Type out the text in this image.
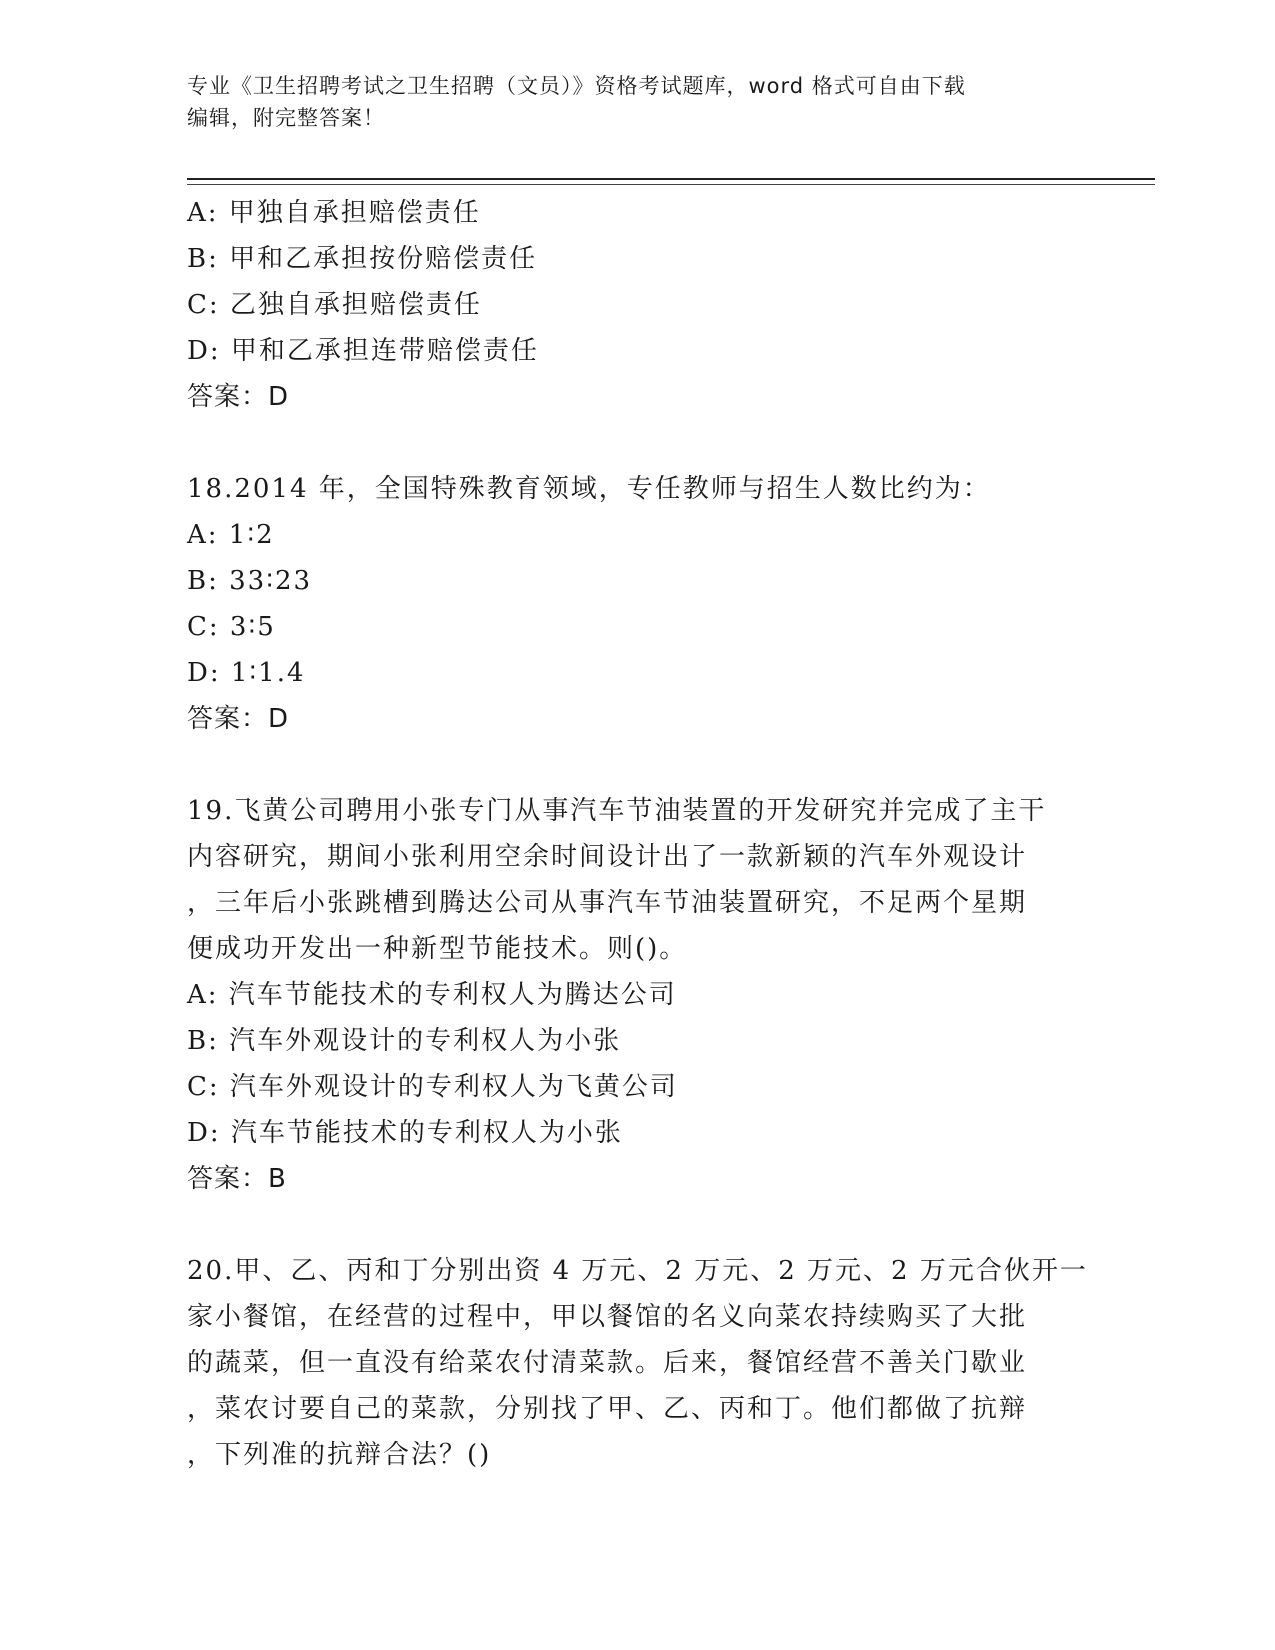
专业《卫生招聘考试之卫生招聘（文员）》资格考试题库，word 格式可自由下载
编辑，附完整答案！
A: 甲独自承担赔偿责任
B: 甲和乙承担按份赔偿责任
C: 乙独自承担赔偿责任
D: 甲和乙承担连带赔偿责任
答案：D
18.2014 年，全国特殊教育领域，专任教师与招生人数比约为：
A: 1∶2
B: 33∶23
C: 3∶5
D: 1∶1.4
答案：D
19.飞黄公司聘用小张专门从事汽车节油装置的开发研究并完成了主干
内容研究，期间小张利用空余时间设计出了一款新颖的汽车外观设计
，三年后小张跳槽到腾达公司从事汽车节油装置研究，不足两个星期
便成功开发出一种新型节能技术。则()。
A: 汽车节能技术的专利权人为腾达公司
B: 汽车外观设计的专利权人为小张
C: 汽车外观设计的专利权人为飞黄公司
D: 汽车节能技术的专利权人为小张
答案：B
20.甲、乙、丙和丁分别出资 4 万元、2 万元、2 万元、2 万元合伙开一
家小餐馆，在经营的过程中，甲以餐馆的名义向菜农持续购买了大批
的蔬菜，但一直没有给菜农付清菜款。后来，餐馆经营不善关门歇业
，菜农讨要自己的菜款，分别找了甲、乙、丙和丁。他们都做了抗辩
，下列准的抗辩合法？()
